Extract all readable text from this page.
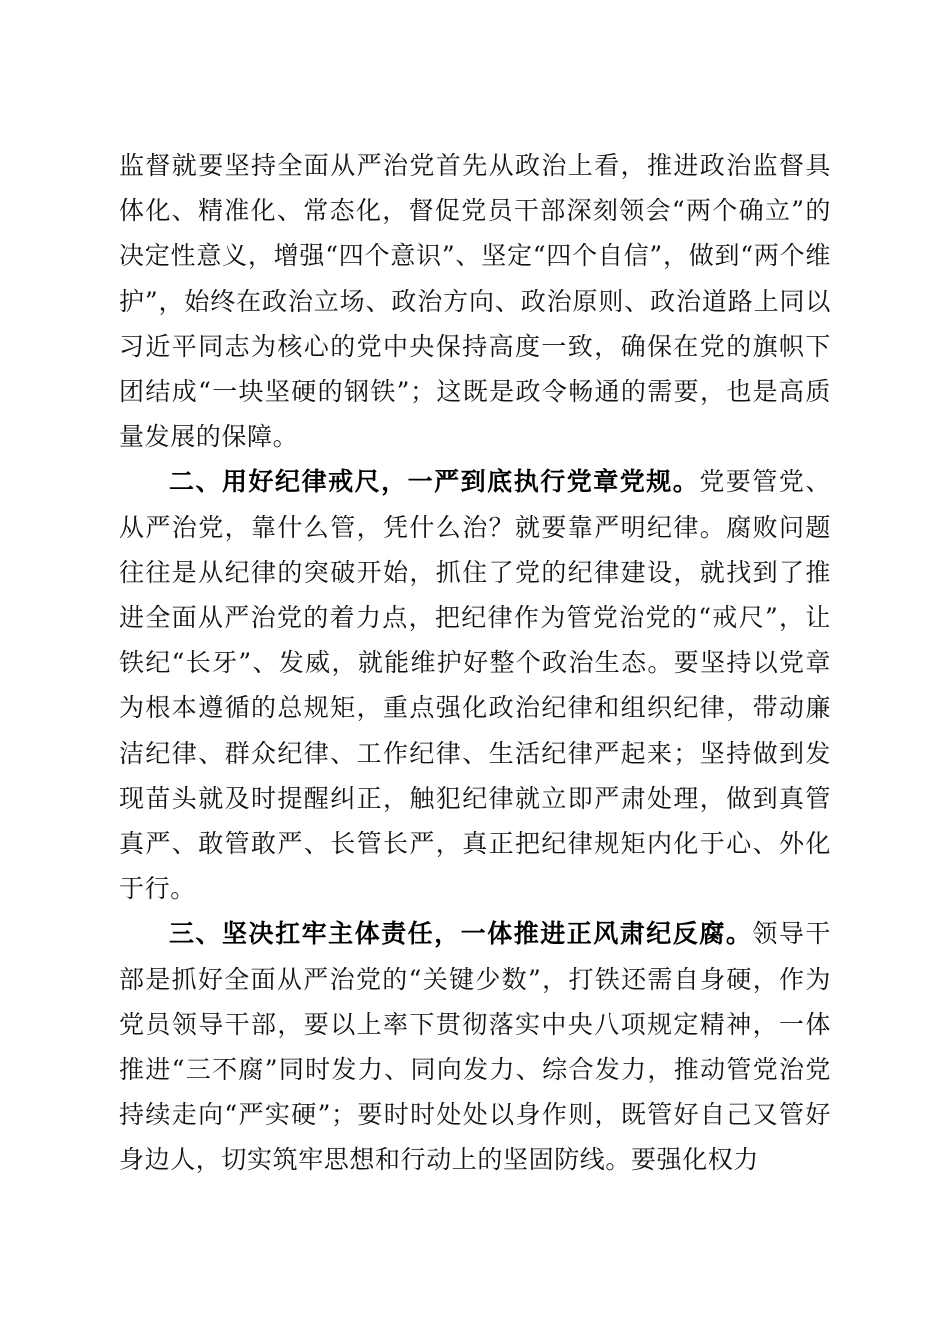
监督就要坚持全面从严治党首先从政治上看，推进政治监督具体化、精准化、常态化，督促党员干部深刻领会“两个确立”的决定性意义，增强“四个意识”、坚定“四个自信”，做到“两个维护”，始终在政治立场、政治方向、政治原则、政治道路上同以习近平同志为核心的党中央保持高度一致，确保在党的旗帜下团结成“一块坚硬的钢铁”；这既是政令畅通的需要，也是高质量发展的保障。

二、用好纪律戒尺，一严到底执行党章党规。党要管党、从严治党，靠什么管，凭什么治？就要靠严明纪律。腐败问题往往是从纪律的突破开始，抓住了党的纪律建设，就找到了推进全面从严治党的着力点，把纪律作为管党治党的“戒尺”，让铁纪“长牙”、发威，就能维护好整个政治生态。要坚持以党章为根本遵循的总规矩，重点强化政治纪律和组织纪律，带动廉洁纪律、群众纪律、工作纪律、生活纪律严起来；坚持做到发现苗头就及时提醒纠正，触犯纪律就立即严肃处理，做到真管真严、敢管敢严、长管长严，真正把纪律规矩内化于心、外化于行。

三、坚决扛牢主体责任，一体推进正风肃纪反腐。领导干部是抓好全面从严治党的“关键少数”，打铁还需自身硬，作为党员领导干部，要以上率下贯彻落实中央八项规定精神，一体推进“三不腐”同时发力、同向发力、综合发力，推动管党治党持续走向“严实硬”；要时时处处以身作则，既管好自己又管好身边人，切实筑牢思想和行动上的坚固防线。要强化权力
